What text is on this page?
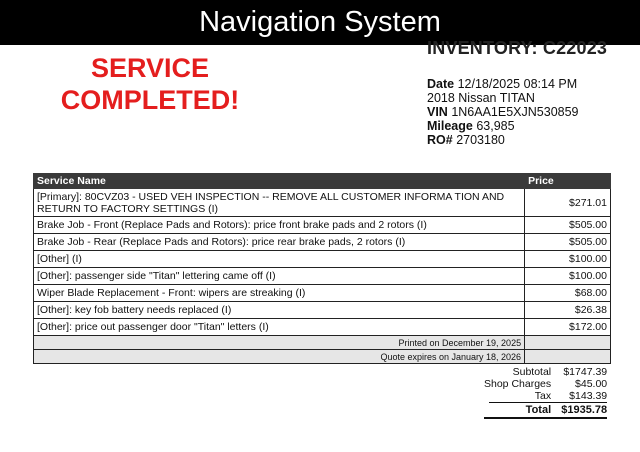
Navigation System
INVENTORY: C22023
SERVICE
COMPLETED!
Date 12/18/2025 08:14 PM
2018 Nissan TITAN
VIN 1N6AA1E5XJN530859
Mileage 63,985
RO# 2703180
Service Name	Price
[Primary]: 80CVZ03 - USED VEH INSPECTION -- REMOVE ALL CUSTOMER INFORMA TION AND RETURN TO FACTORY SETTINGS (I)	$271.01
Brake Job - Front (Replace Pads and Rotors): price front brake pads and 2 rotors (I)	$505.00
Brake Job - Rear (Replace Pads and Rotors): price rear brake pads, 2 rotors (I)	$505.00
[Other] (I)	$100.00
[Other]: passenger side "Titan" lettering came off (I)	$100.00
Wiper Blade Replacement - Front: wipers are streaking (I)	$68.00
[Other]: key fob battery needs replaced (I)	$26.38
[Other]: price out passenger door "Titan" letters (I)	$172.00
Printed on December 19, 2025	
Quote expires on January 18, 2026	
Subtotal	$1747.39
Shop Charges	$45.00
Tax	$143.39
Total $1935.78
